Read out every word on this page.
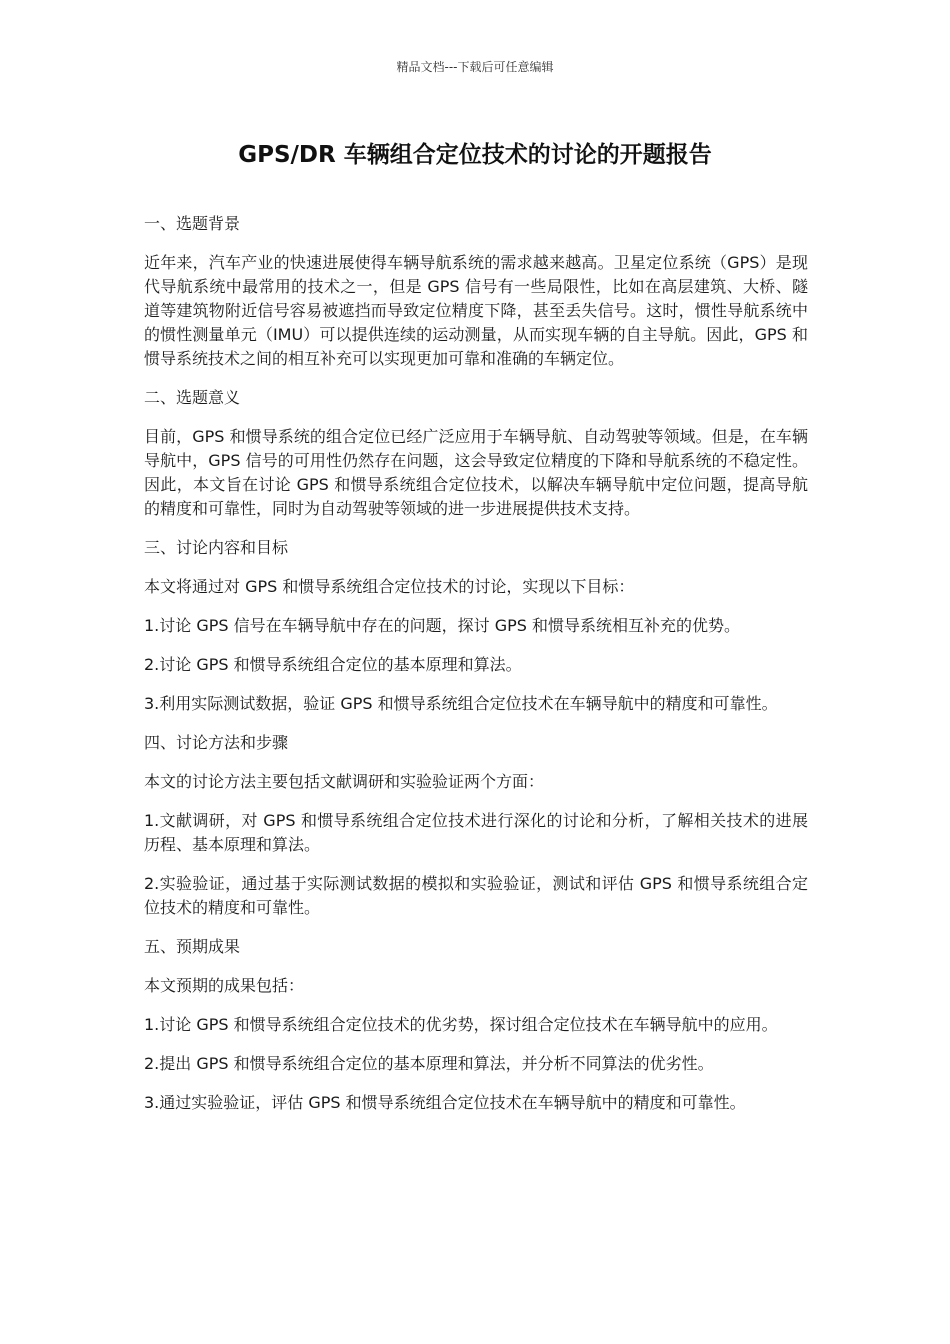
精品文档---下载后可任意编辑
GPS/DR 车辆组合定位技术的讨论的开题报告

一、选题背景

近年来，汽车产业的快速进展使得车辆导航系统的需求越来越高。卫星定位系统（GPS）是现代导航系统中最常用的技术之一，但是 GPS 信号有一些局限性，比如在高层建筑、大桥、隧道等建筑物附近信号容易被遮挡而导致定位精度下降，甚至丢失信号。这时，惯性导航系统中的惯性测量单元（IMU）可以提供连续的运动测量，从而实现车辆的自主导航。因此，GPS 和惯导系统技术之间的相互补充可以实现更加可靠和准确的车辆定位。

二、选题意义

目前，GPS 和惯导系统的组合定位已经广泛应用于车辆导航、自动驾驶等领域。但是，在车辆导航中，GPS 信号的可用性仍然存在问题，这会导致定位精度的下降和导航系统的不稳定性。因此，本文旨在讨论 GPS 和惯导系统组合定位技术，以解决车辆导航中定位问题，提高导航的精度和可靠性，同时为自动驾驶等领域的进一步进展提供技术支持。

三、讨论内容和目标

本文将通过对 GPS 和惯导系统组合定位技术的讨论，实现以下目标：

1.讨论 GPS 信号在车辆导航中存在的问题，探讨 GPS 和惯导系统相互补充的优势。

2.讨论 GPS 和惯导系统组合定位的基本原理和算法。

3.利用实际测试数据，验证 GPS 和惯导系统组合定位技术在车辆导航中的精度和可靠性。

四、讨论方法和步骤

本文的讨论方法主要包括文献调研和实验验证两个方面：

1.文献调研，对 GPS 和惯导系统组合定位技术进行深化的讨论和分析，了解相关技术的进展历程、基本原理和算法。

2.实验验证，通过基于实际测试数据的模拟和实验验证，测试和评估 GPS 和惯导系统组合定位技术的精度和可靠性。

五、预期成果

本文预期的成果包括：

1.讨论 GPS 和惯导系统组合定位技术的优劣势，探讨组合定位技术在车辆导航中的应用。

2.提出 GPS 和惯导系统组合定位的基本原理和算法，并分析不同算法的优劣性。

3.通过实验验证，评估 GPS 和惯导系统组合定位技术在车辆导航中的精度和可靠性。
